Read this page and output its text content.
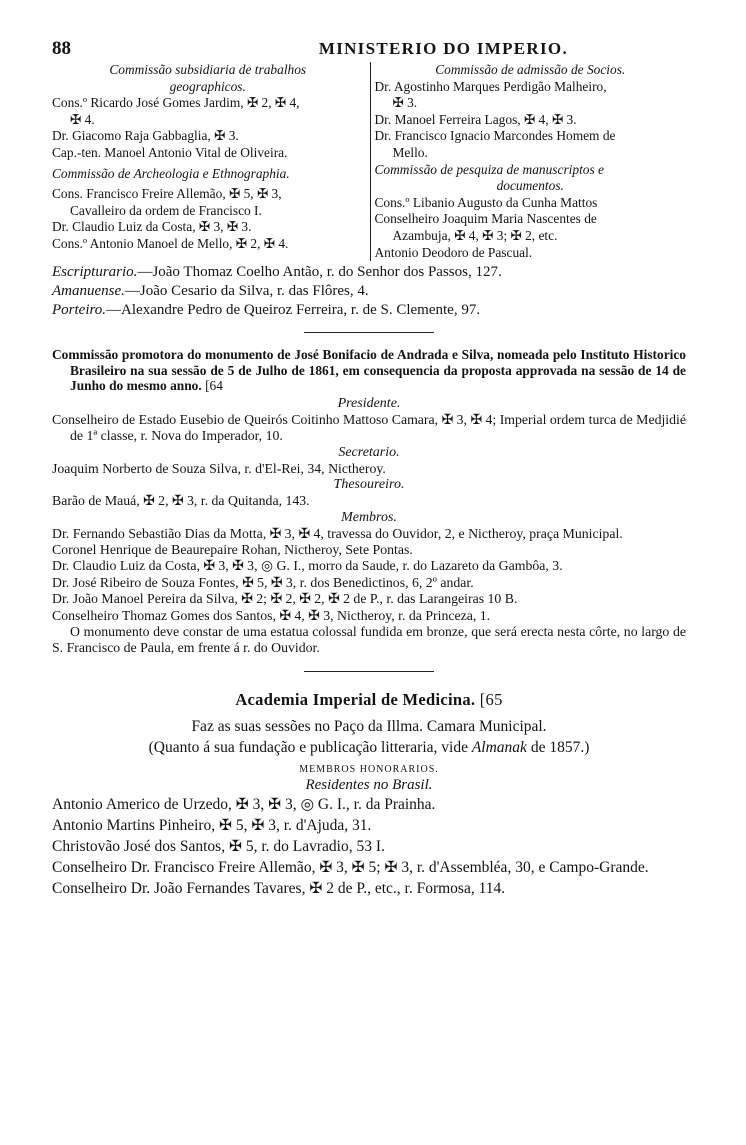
88	MINISTERIO DO IMPERIO.
Commissão subsidiaria de trabalhos
geographicos.
Cons.º Ricardo José Gomes Jardim, ✠ 2, ✠ 4,
✠ 4.
Dr. Giacomo Raja Gabbaglia, ✠ 3.
Cap.-ten. Manoel Antonio Vital de Oliveira.
Commissão de Archeologia e Ethnographia.
Cons. Francisco Freire Allemão, ✠ 5, ✠ 3,
Cavalleiro da ordem de Francisco I.
Dr. Claudio Luiz da Costa, ✠ 3, ✠ 3.
Cons.º Antonio Manoel de Mello, ✠ 2, ✠ 4.
Commissão de admissão de Socios.
Dr. Agostinho Marques Perdigão Malheiro,
✠ 3.
Dr. Manoel Ferreira Lagos, ✠ 4, ✠ 3.
Dr. Francisco Ignacio Marcondes Homem de
Mello.
Commissão de pesquiza de manuscriptos e
documentos.
Cons.º Libanio Augusto da Cunha Mattos
Conselheiro Joaquim Maria Nascentes de
Azambuja, ✠ 4, ✠ 3; ✠ 2, etc.
Antonio Deodoro de Pascual.
Escripturario.—João Thomaz Coelho Antão, r. do Senhor dos Passos, 127.
Amanuense.—João Cesario da Silva, r. das Flôres, 4.
Porteiro.—Alexandre Pedro de Queiroz Ferreira, r. de S. Clemente, 97.
Commissão promotora do monumento de José Bonifacio de Andrada e Silva, nomeada pelo Instituto Historico Brasileiro na sua sessão de 5 de Julho de 1861, em consequencia da proposta approvada na sessão de 14 de Junho do mesmo anno. [64
Presidente.
Conselheiro de Estado Eusebio de Queirós Coitinho Mattoso Camara, ✠ 3, ✠ 4; Imperial ordem turca de Medjidié de 1ª classe, r. Nova do Imperador, 10.
Secretario.
Joaquim Norberto de Souza Silva, r. d'El-Rei, 34, Nictheroy.
Thesoureiro.
Barão de Mauá, ✠ 2, ✠ 3, r. da Quitanda, 143.
Membros.
Dr. Fernando Sebastião Dias da Motta, ✠ 3, ✠ 4, travessa do Ouvidor, 2, e Nictheroy, praça Municipal.
Coronel Henrique de Beaurepaire Rohan, Nictheroy, Sete Pontas.
Dr. Claudio Luiz da Costa, ✠ 3, ✠ 3, ◎ G. I., morro da Saude, r. do Lazareto da Gambôa, 3.
Dr. José Ribeiro de Souza Fontes, ✠ 5, ✠ 3, r. dos Benedictinos, 6, 2º andar.
Dr. João Manoel Pereira da Silva, ✠ 2; ✠ 2, ✠ 2, ✠ 2 de P., r. das Larangeiras 10 B.
Conselheiro Thomaz Gomes dos Santos, ✠ 4, ✠ 3, Nictheroy, r. da Princeza, 1.
O monumento deve constar de uma estatua colossal fundida em bronze, que será erecta nesta côrte, no largo de S. Francisco de Paula, em frente á r. do Ouvidor.
Academia Imperial de Medicina. [65
Faz as suas sessões no Paço da Illma. Camara Municipal.
(Quanto á sua fundação e publicação litteraria, vide Almanak de 1857.)
MEMBROS HONORARIOS.
Residentes no Brasil.
Antonio Americo de Urzedo, ✠ 3, ✠ 3, ◎ G. I., r. da Prainha.
Antonio Martins Pinheiro, ✠ 5, ✠ 3, r. d'Ajuda, 31.
Christovão José dos Santos, ✠ 5, r. do Lavradio, 53 I.
Conselheiro Dr. Francisco Freire Allemão, ✠ 3, ✠ 5; ✠ 3, r. d'Assembléa, 30, e Campo-Grande.
Conselheiro Dr. João Fernandes Tavares, ✠ 2 de P., etc., r. Formosa, 114.
